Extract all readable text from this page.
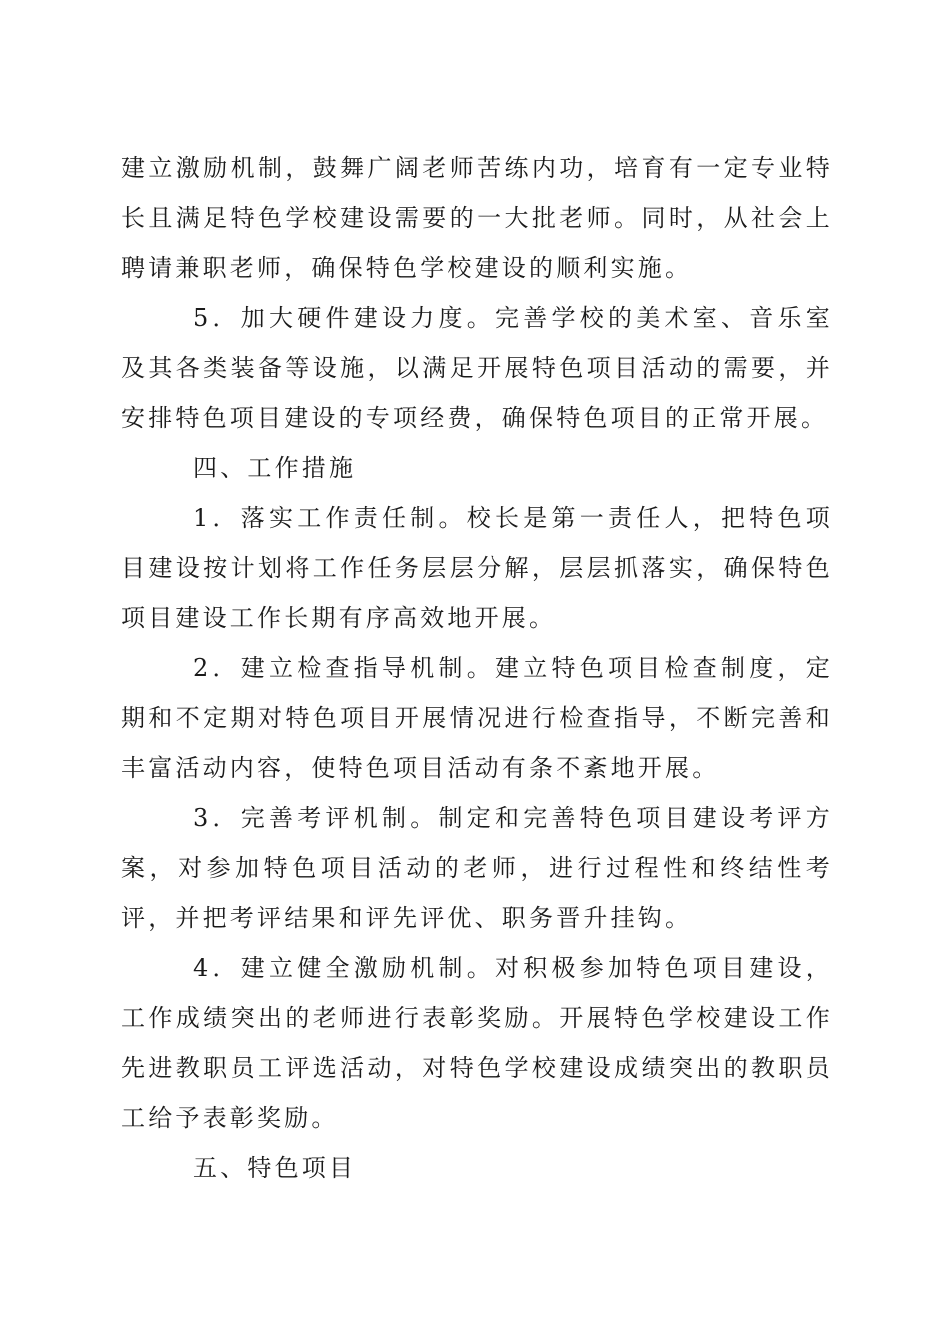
建立激励机制，鼓舞广阔老师苦练内功，培育有一定专业特长且满足特色学校建设需要的一大批老师。同时，从社会上聘请兼职老师，确保特色学校建设的顺利实施。

5．加大硬件建设力度。完善学校的美术室、音乐室及其各类装备等设施，以满足开展特色项目活动的需要，并安排特色项目建设的专项经费，确保特色项目的正常开展。

四、工作措施

1．落实工作责任制。校长是第一责任人，把特色项目建设按计划将工作任务层层分解，层层抓落实，确保特色项目建设工作长期有序高效地开展。

2．建立检查指导机制。建立特色项目检查制度，定期和不定期对特色项目开展情况进行检查指导，不断完善和丰富活动内容，使特色项目活动有条不紊地开展。

3．完善考评机制。制定和完善特色项目建设考评方案，对参加特色项目活动的老师，进行过程性和终结性考评，并把考评结果和评先评优、职务晋升挂钩。

4．建立健全激励机制。对积极参加特色项目建设，工作成绩突出的老师进行表彰奖励。开展特色学校建设工作先进教职员工评选活动，对特色学校建设成绩突出的教职员工给予表彰奖励。

五、特色项目
